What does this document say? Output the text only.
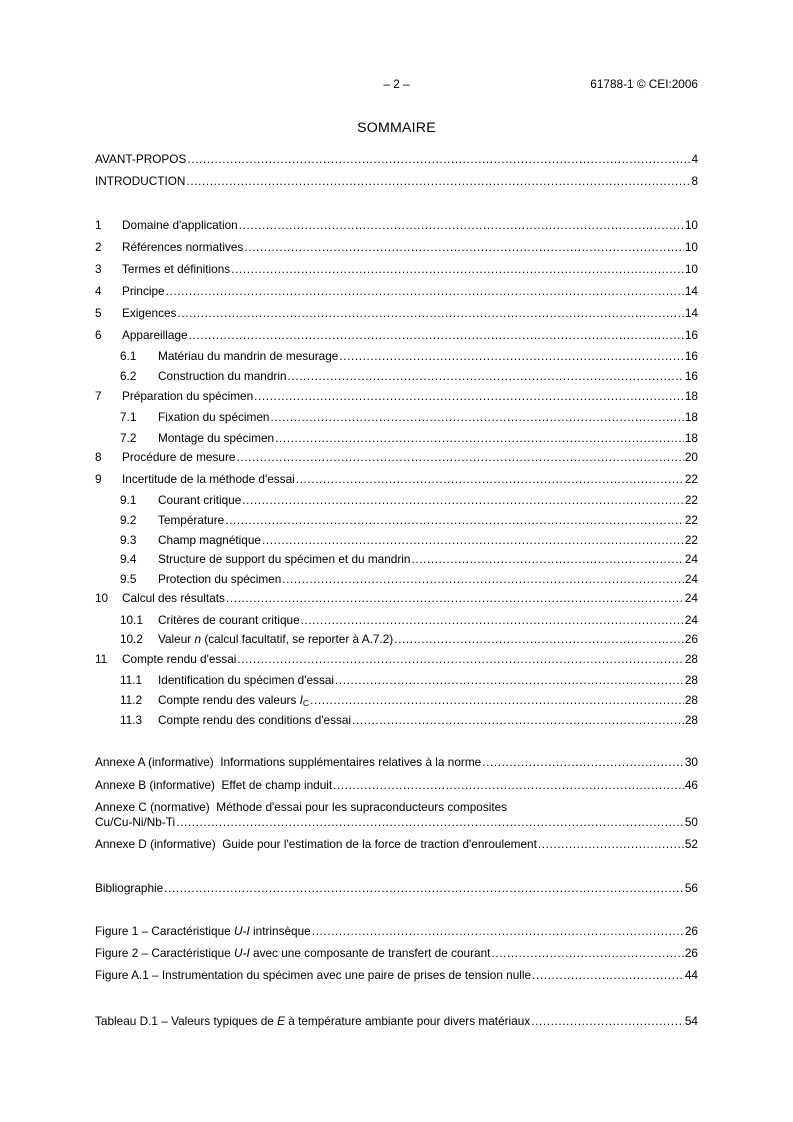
– 2 –	61788-1 © CEI:2006
SOMMAIRE
AVANT-PROPOS .....	4
INTRODUCTION .....	8
1	Domaine d'application .....	10
2	Références normatives .....	10
3	Termes et définitions .....	10
4	Principe .....	14
5	Exigences .....	14
6	Appareillage .....	16
6.1	Matériau du mandrin de mesurage .....	16
6.2	Construction du mandrin .....	16
7	Préparation du spécimen .....	18
7.1	Fixation du spécimen .....	18
7.2	Montage du spécimen .....	18
8	Procédure de mesure .....	20
9	Incertitude de la méthode d'essai .....	22
9.1	Courant critique .....	22
9.2	Température .....	22
9.3	Champ magnétique .....	22
9.4	Structure de support du spécimen et du mandrin .....	24
9.5	Protection du spécimen .....	24
10	Calcul des résultats .....	24
10.1	Critères de courant critique .....	24
10.2	Valeur n (calcul facultatif, se reporter à A.7.2) .....	26
11	Compte rendu d'essai .....	28
11.1	Identification du spécimen d'essai .....	28
11.2	Compte rendu des valeurs $I_C$ .....	28
11.3	Compte rendu des conditions d'essai .....	28
Annexe A (informative)  Informations supplémentaires relatives à la norme .....	30
Annexe B (informative)  Effet de champ induit .....	46
Annexe C (normative)  Méthode d'essai pour les supraconducteurs composites
Cu/Cu-Ni/Nb-Ti .....	50
Annexe D (informative)  Guide pour l'estimation de la force de traction d'enroulement .....	52
Bibliographie .....	56
Figure 1 – Caractéristique U-I intrinsèque .....	26
Figure 2 – Caractéristique U-I avec une composante de transfert de courant .....	26
Figure A.1 – Instrumentation du spécimen avec une paire de prises de tension nulle .....	44
Tableau D.1 – Valeurs typiques de E à température ambiante pour divers matériaux .....	54
